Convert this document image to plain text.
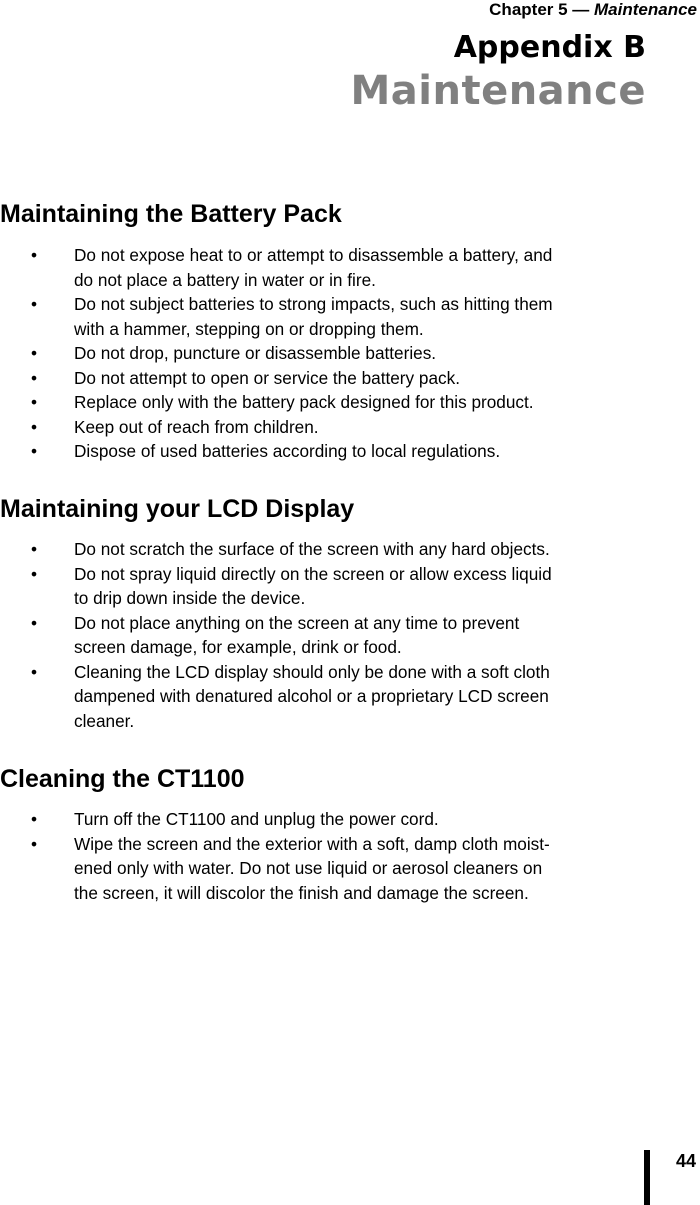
Chapter 5 — Maintenance
Appendix B
Maintenance
Maintaining the Battery Pack
• Do not expose heat to or attempt to disassemble a battery, and
do not place a battery in water or in fire.
• Do not subject batteries to strong impacts, such as hitting them
with a hammer, stepping on or dropping them.
• Do not drop, puncture or disassemble batteries.
• Do not attempt to open or service the battery pack.
• Replace only with the battery pack designed for this product.
• Keep out of reach from children.
• Dispose of used batteries according to local regulations.
Maintaining your LCD Display
• Do not scratch the surface of the screen with any hard objects.
• Do not spray liquid directly on the screen or allow excess liquid
to drip down inside the device.
• Do not place anything on the screen at any time to prevent
screen damage, for example, drink or food.
• Cleaning the LCD display should only be done with a soft cloth
dampened with denatured alcohol or a proprietary LCD screen
cleaner.
Cleaning the CT1100
• Turn off the CT1100 and unplug the power cord.
• Wipe the screen and the exterior with a soft, damp cloth moist-
ened only with water. Do not use liquid or aerosol cleaners on
the screen, it will discolor the finish and damage the screen.
44
